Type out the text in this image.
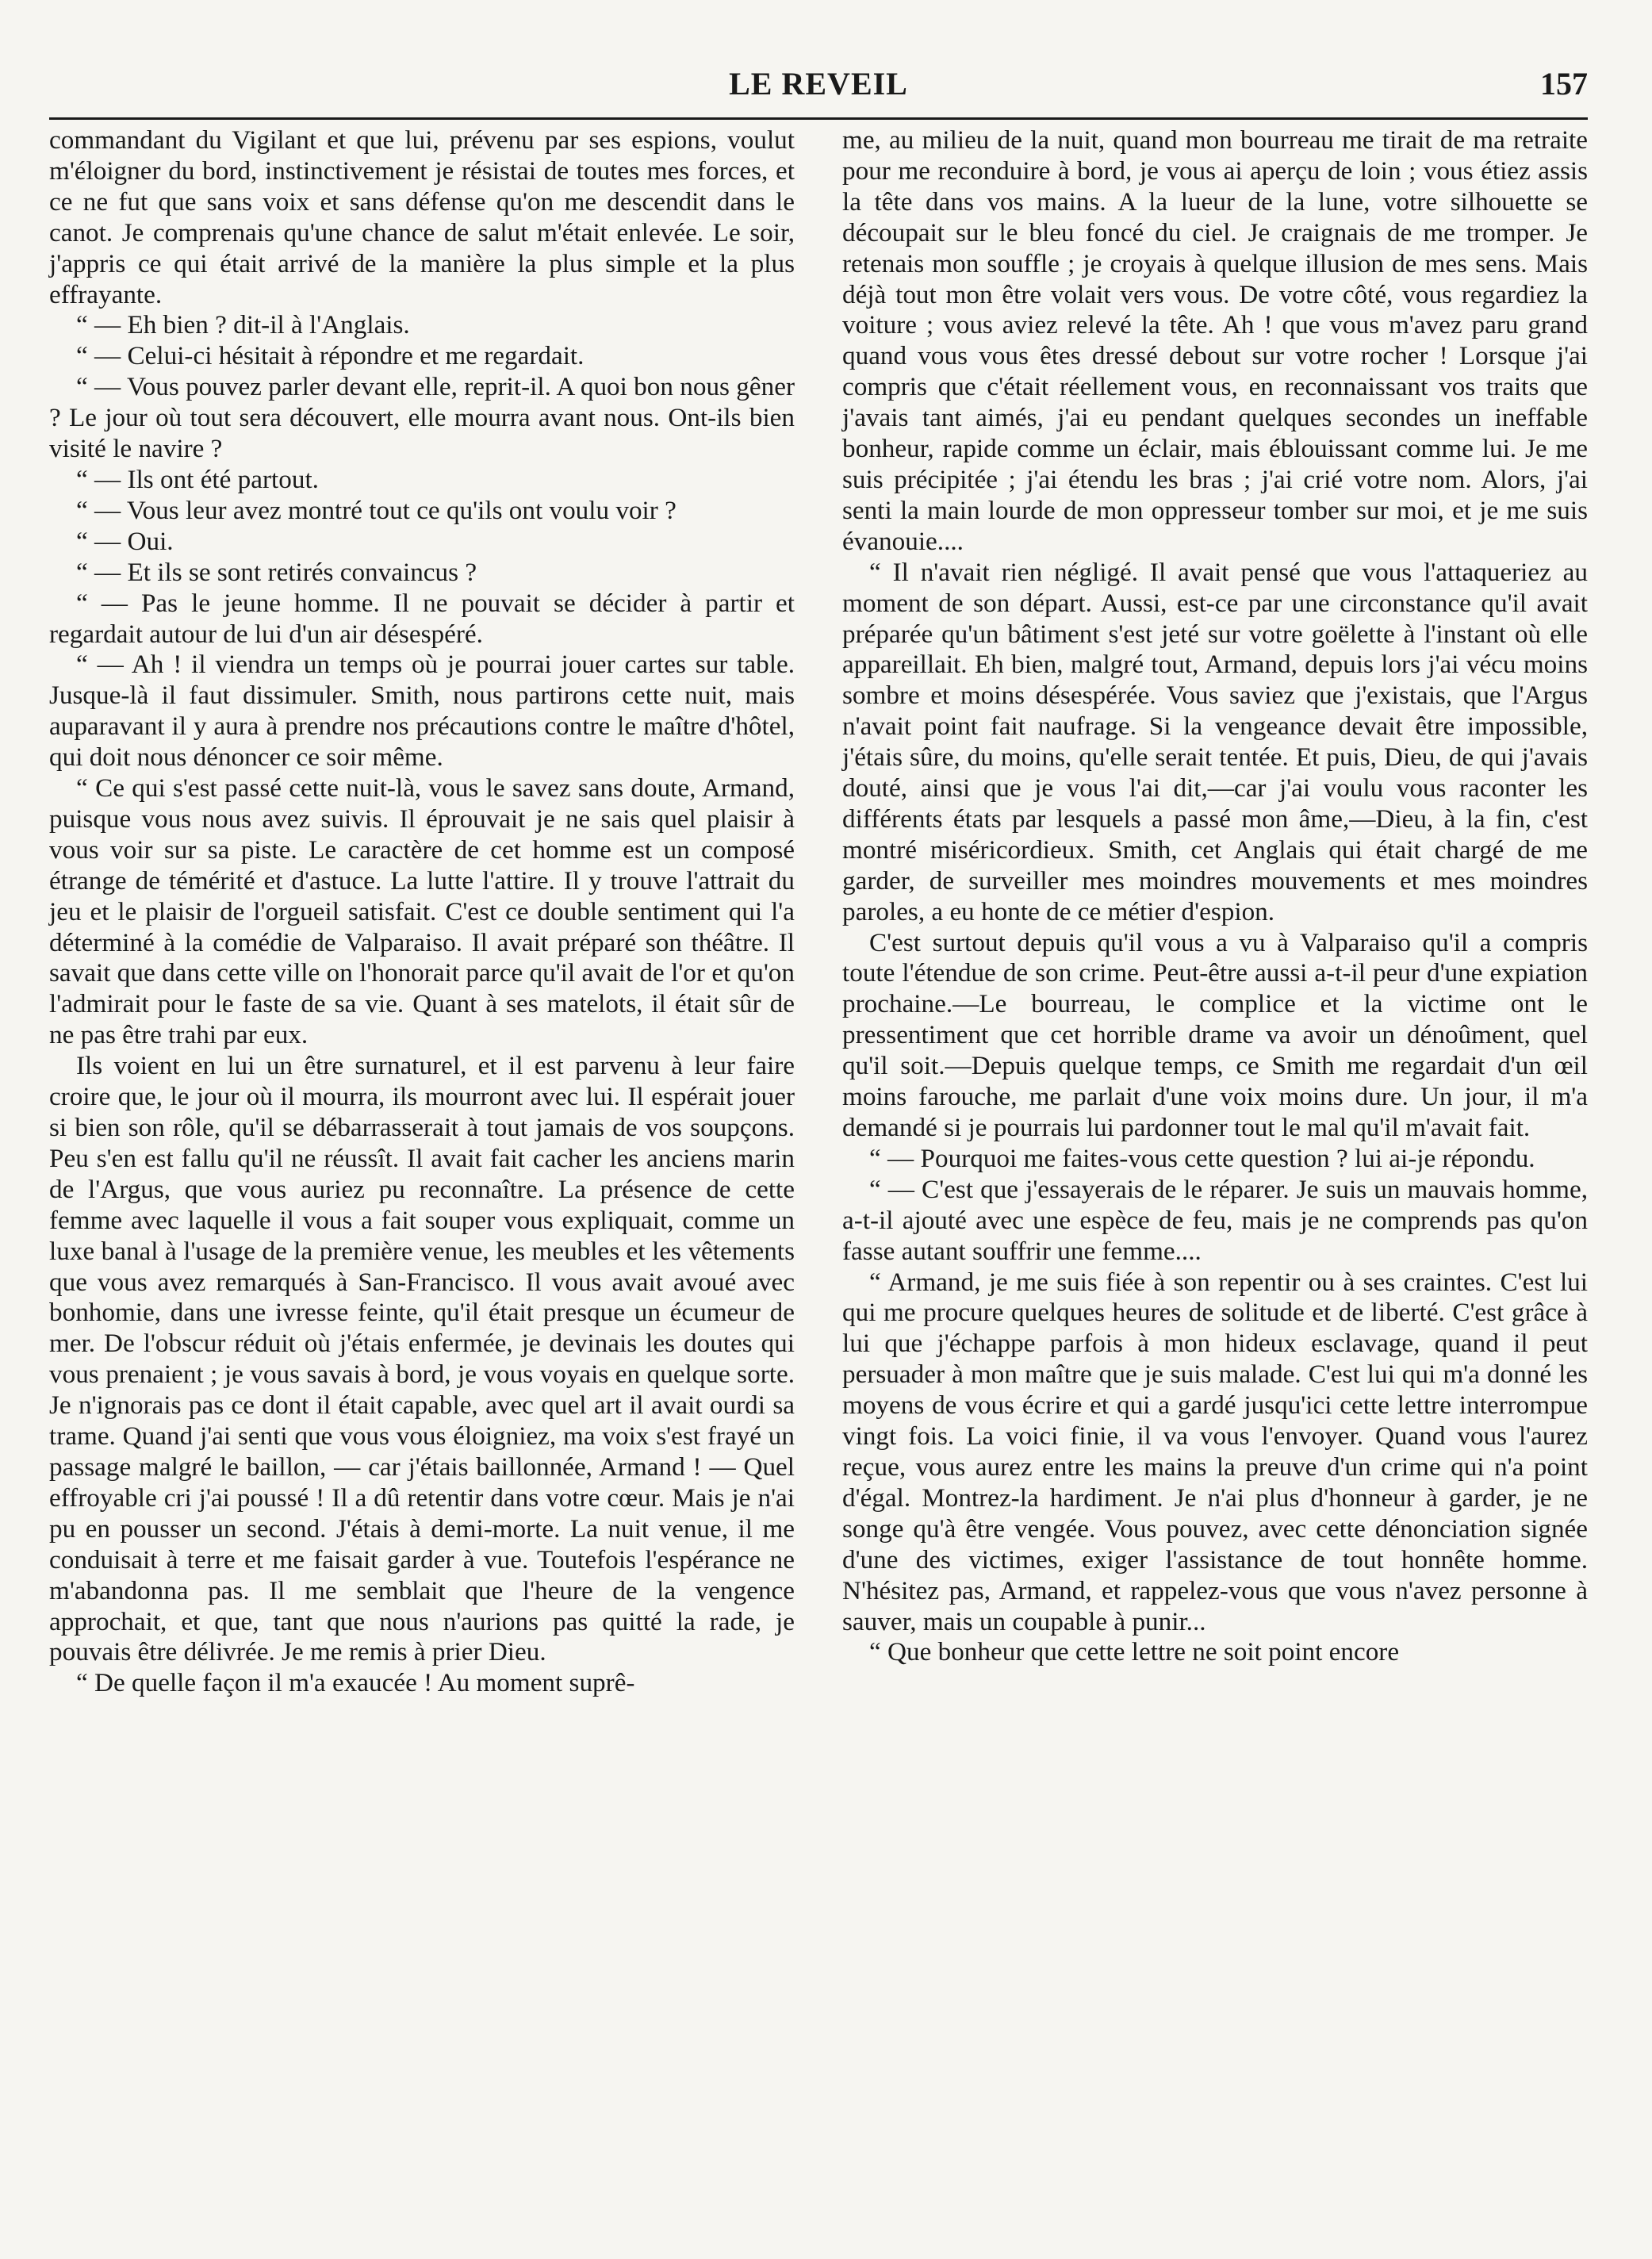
LE REVEIL	157

commandant du Vigilant et que lui, prévenu par ses espions, voulut m'éloigner du bord, instinctivement je résistai de toutes mes forces, et ce ne fut que sans voix et sans défense qu'on me descendit dans le canot. Je comprenais qu'une chance de salut m'était enlevée. Le soir, j'appris ce qui était arrivé de la manière la plus simple et la plus effrayante.

“ — Eh bien ? dit-il à l'Anglais.

“ — Celui-ci hésitait à répondre et me regardait.

“ — Vous pouvez parler devant elle, reprit-il. A quoi bon nous gêner ? Le jour où tout sera découvert, elle mourra avant nous. Ont-ils bien visité le navire ?

“ — Ils ont été partout.

“ — Vous leur avez montré tout ce qu'ils ont voulu voir ?

“ — Oui.

“ — Et ils se sont retirés convaincus ?

“ — Pas le jeune homme. Il ne pouvait se décider à partir et regardait autour de lui d'un air désespéré.

“ — Ah ! il viendra un temps où je pourrai jouer cartes sur table. Jusque-là il faut dissimuler. Smith, nous partirons cette nuit, mais auparavant il y aura à prendre nos précautions contre le maître d'hôtel, qui doit nous dénoncer ce soir même.

“ Ce qui s'est passé cette nuit-là, vous le savez sans doute, Armand, puisque vous nous avez suivis. Il éprouvait je ne sais quel plaisir à vous voir sur sa piste. Le caractère de cet homme est un composé étrange de témérité et d'astuce. La lutte l'attire. Il y trouve l'attrait du jeu et le plaisir de l'orgueil satisfait. C'est ce double sentiment qui l'a déterminé à la comédie de Valparaiso. Il avait préparé son théâtre. Il savait que dans cette ville on l'honorait parce qu'il avait de l'or et qu'on l'admirait pour le faste de sa vie. Quant à ses matelots, il était sûr de ne pas être trahi par eux.

Ils voient en lui un être surnaturel, et il est parvenu à leur faire croire que, le jour où il mourra, ils mourront avec lui. Il espérait jouer si bien son rôle, qu'il se débarrasserait à tout jamais de vos soupçons. Peu s'en est fallu qu'il ne réussît. Il avait fait cacher les anciens marin de l'Argus, que vous auriez pu reconnaître. La présence de cette femme avec laquelle il vous a fait souper vous expliquait, comme un luxe banal à l'usage de la première venue, les meubles et les vêtements que vous avez remarqués à San-Francisco. Il vous avait avoué avec bonhomie, dans une ivresse feinte, qu'il était presque un écumeur de mer. De l'obscur réduit où j'étais enfermée, je devinais les doutes qui vous prenaient ; je vous savais à bord, je vous voyais en quelque sorte. Je n'ignorais pas ce dont il était capable, avec quel art il avait ourdi sa trame. Quand j'ai senti que vous vous éloigniez, ma voix s'est frayé un passage malgré le baillon, — car j'étais baillonnée, Armand ! — Quel effroyable cri j'ai poussé ! Il a dû retentir dans votre cœur. Mais je n'ai pu en pousser un second. J'étais à demi-morte. La nuit venue, il me conduisait à terre et me faisait garder à vue. Toutefois l'espérance ne m'abandonna pas. Il me semblait que l'heure de la vengence approchait, et que, tant que nous n'aurions pas quitté la rade, je pouvais être délivrée. Je me remis à prier Dieu.

“ De quelle façon il m'a exaucée ! Au moment suprê-

me, au milieu de la nuit, quand mon bourreau me tirait de ma retraite pour me reconduire à bord, je vous ai aperçu de loin ; vous étiez assis la tête dans vos mains. A la lueur de la lune, votre silhouette se découpait sur le bleu foncé du ciel. Je craignais de me tromper. Je retenais mon souffle ; je croyais à quelque illusion de mes sens. Mais déjà tout mon être volait vers vous. De votre côté, vous regardiez la voiture ; vous aviez relevé la tête. Ah ! que vous m'avez paru grand quand vous vous êtes dressé debout sur votre rocher ! Lorsque j'ai compris que c'était réellement vous, en reconnaissant vos traits que j'avais tant aimés, j'ai eu pendant quelques secondes un ineffable bonheur, rapide comme un éclair, mais éblouissant comme lui. Je me suis précipitée ; j'ai étendu les bras ; j'ai crié votre nom. Alors, j'ai senti la main lourde de mon oppresseur tomber sur moi, et je me suis évanouie....

“ Il n'avait rien négligé. Il avait pensé que vous l'attaqueriez au moment de son départ. Aussi, est-ce par une circonstance qu'il avait préparée qu'un bâtiment s'est jeté sur votre goëlette à l'instant où elle appareillait. Eh bien, malgré tout, Armand, depuis lors j'ai vécu moins sombre et moins désespérée. Vous saviez que j'existais, que l'Argus n'avait point fait naufrage. Si la vengeance devait être impossible, j'étais sûre, du moins, qu'elle serait tentée. Et puis, Dieu, de qui j'avais douté, ainsi que je vous l'ai dit,—car j'ai voulu vous raconter les différents états par lesquels a passé mon âme,—Dieu, à la fin, c'est montré miséricordieux. Smith, cet Anglais qui était chargé de me garder, de surveiller mes moindres mouvements et mes moindres paroles, a eu honte de ce métier d'espion.

C'est surtout depuis qu'il vous a vu à Valparaiso qu'il a compris toute l'étendue de son crime. Peut-être aussi a-t-il peur d'une expiation prochaine.—Le bourreau, le complice et la victime ont le pressentiment que cet horrible drame va avoir un dénoûment, quel qu'il soit.—Depuis quelque temps, ce Smith me regardait d'un œil moins farouche, me parlait d'une voix moins dure. Un jour, il m'a demandé si je pourrais lui pardonner tout le mal qu'il m'avait fait.

“ — Pourquoi me faites-vous cette question ? lui ai-je répondu.

“ — C'est que j'essayerais de le réparer. Je suis un mauvais homme, a-t-il ajouté avec une espèce de feu, mais je ne comprends pas qu'on fasse autant souffrir une femme....

“ Armand, je me suis fiée à son repentir ou à ses craintes. C'est lui qui me procure quelques heures de solitude et de liberté. C'est grâce à lui que j'échappe parfois à mon hideux esclavage, quand il peut persuader à mon maître que je suis malade. C'est lui qui m'a donné les moyens de vous écrire et qui a gardé jusqu'ici cette lettre interrompue vingt fois. La voici finie, il va vous l'envoyer. Quand vous l'aurez reçue, vous aurez entre les mains la preuve d'un crime qui n'a point d'égal. Montrez-la hardiment. Je n'ai plus d'honneur à garder, je ne songe qu'à être vengée. Vous pouvez, avec cette dénonciation signée d'une des victimes, exiger l'assistance de tout honnête homme. N'hésitez pas, Armand, et rappelez-vous que vous n'avez personne à sauver, mais un coupable à punir...

“ Que bonheur que cette lettre ne soit point encore
